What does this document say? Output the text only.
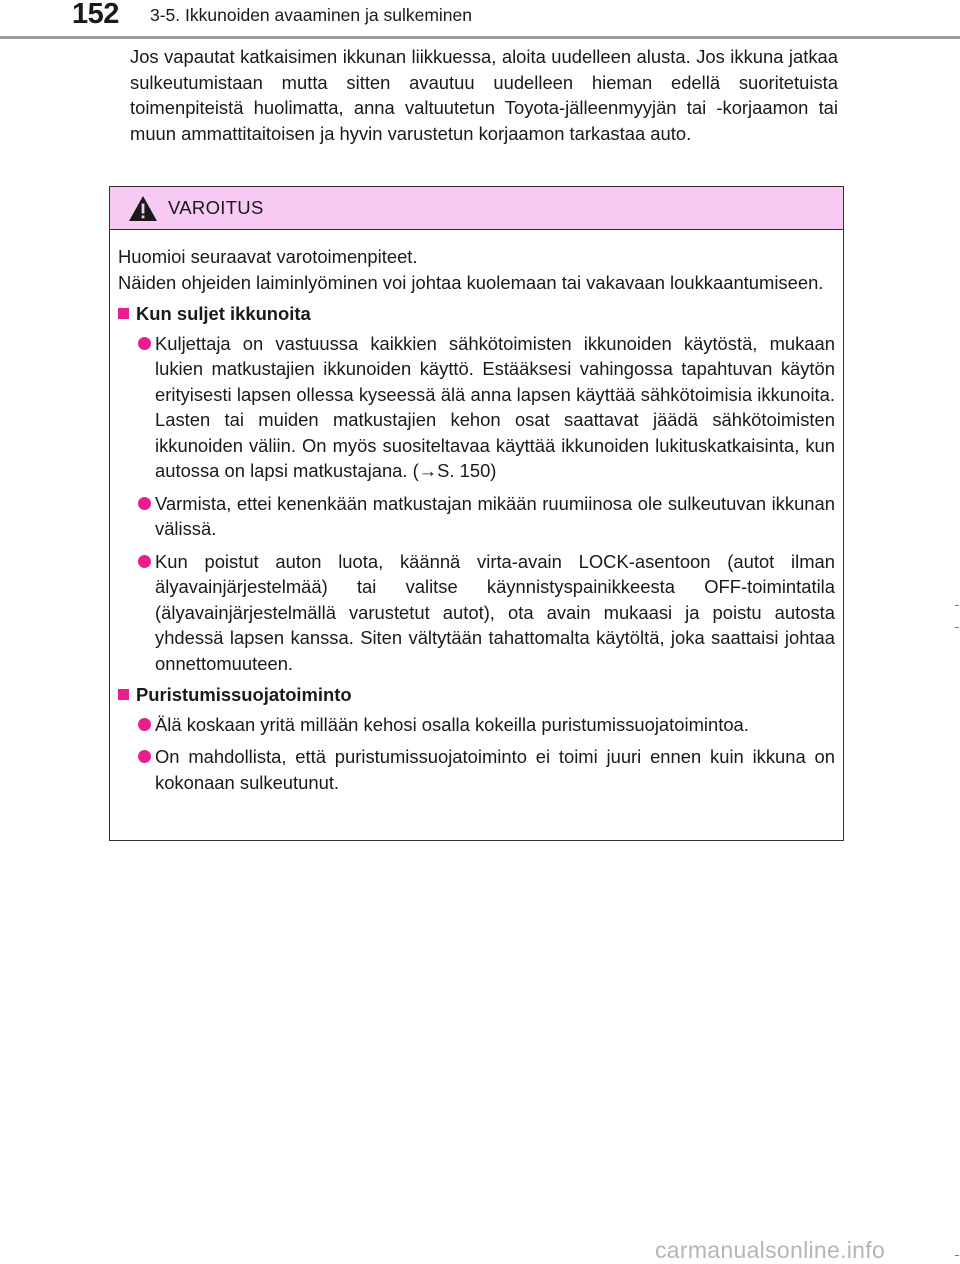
152 3-5. Ikkunoiden avaaminen ja sulkeminen
Jos vapautat katkaisimen ikkunan liikkuessa, aloita uudelleen alusta. Jos ikkuna jatkaa sulkeutumistaan mutta sitten avautuu uudelleen hieman edellä suoritetuista toimenpiteistä huolimatta, anna valtuutetun Toyota-jälleenmyyjän tai -korjaamon tai muun ammattitaitoisen ja hyvin varustetun korjaamon tarkastaa auto.
VAROITUS
Huomioi seuraavat varotoimenpiteet.
Näiden ohjeiden laiminlyöminen voi johtaa kuolemaan tai vakavaan loukkaantumiseen.
Kun suljet ikkunoita
Kuljettaja on vastuussa kaikkien sähkötoimisten ikkunoiden käytöstä, mukaan lukien matkustajien ikkunoiden käyttö. Estääksesi vahingossa tapahtuvan käytön erityisesti lapsen ollessa kyseessä älä anna lapsen käyttää sähkötoimisia ikkunoita. Lasten tai muiden matkustajien kehon osat saattavat jäädä sähkötoimisten ikkunoiden väliin. On myös suositeltavaa käyttää ikkunoiden lukituskatkaisinta, kun autossa on lapsi matkustajana. (→S. 150)
Varmista, ettei kenenkään matkustajan mikään ruumiinosa ole sulkeutuvan ikkunan välissä.
Kun poistut auton luota, käännä virta-avain LOCK-asentoon (autot ilman älyavainjärjestelmää) tai valitse käynnistyspainikkeesta OFF-toimintatila (älyavainjärjestelmällä varustetut autot), ota avain mukaasi ja poistu autosta yhdessä lapsen kanssa. Siten vältytään tahattomalta käytöltä, joka saattaisi johtaa onnettomuuteen.
Puristumissuojatoiminto
Älä koskaan yritä millään kehosi osalla kokeilla puristumissuojatoimintoa.
On mahdollista, että puristumissuojatoiminto ei toimi juuri ennen kuin ikkuna on kokonaan sulkeutunut.
carmanualsonline.info
